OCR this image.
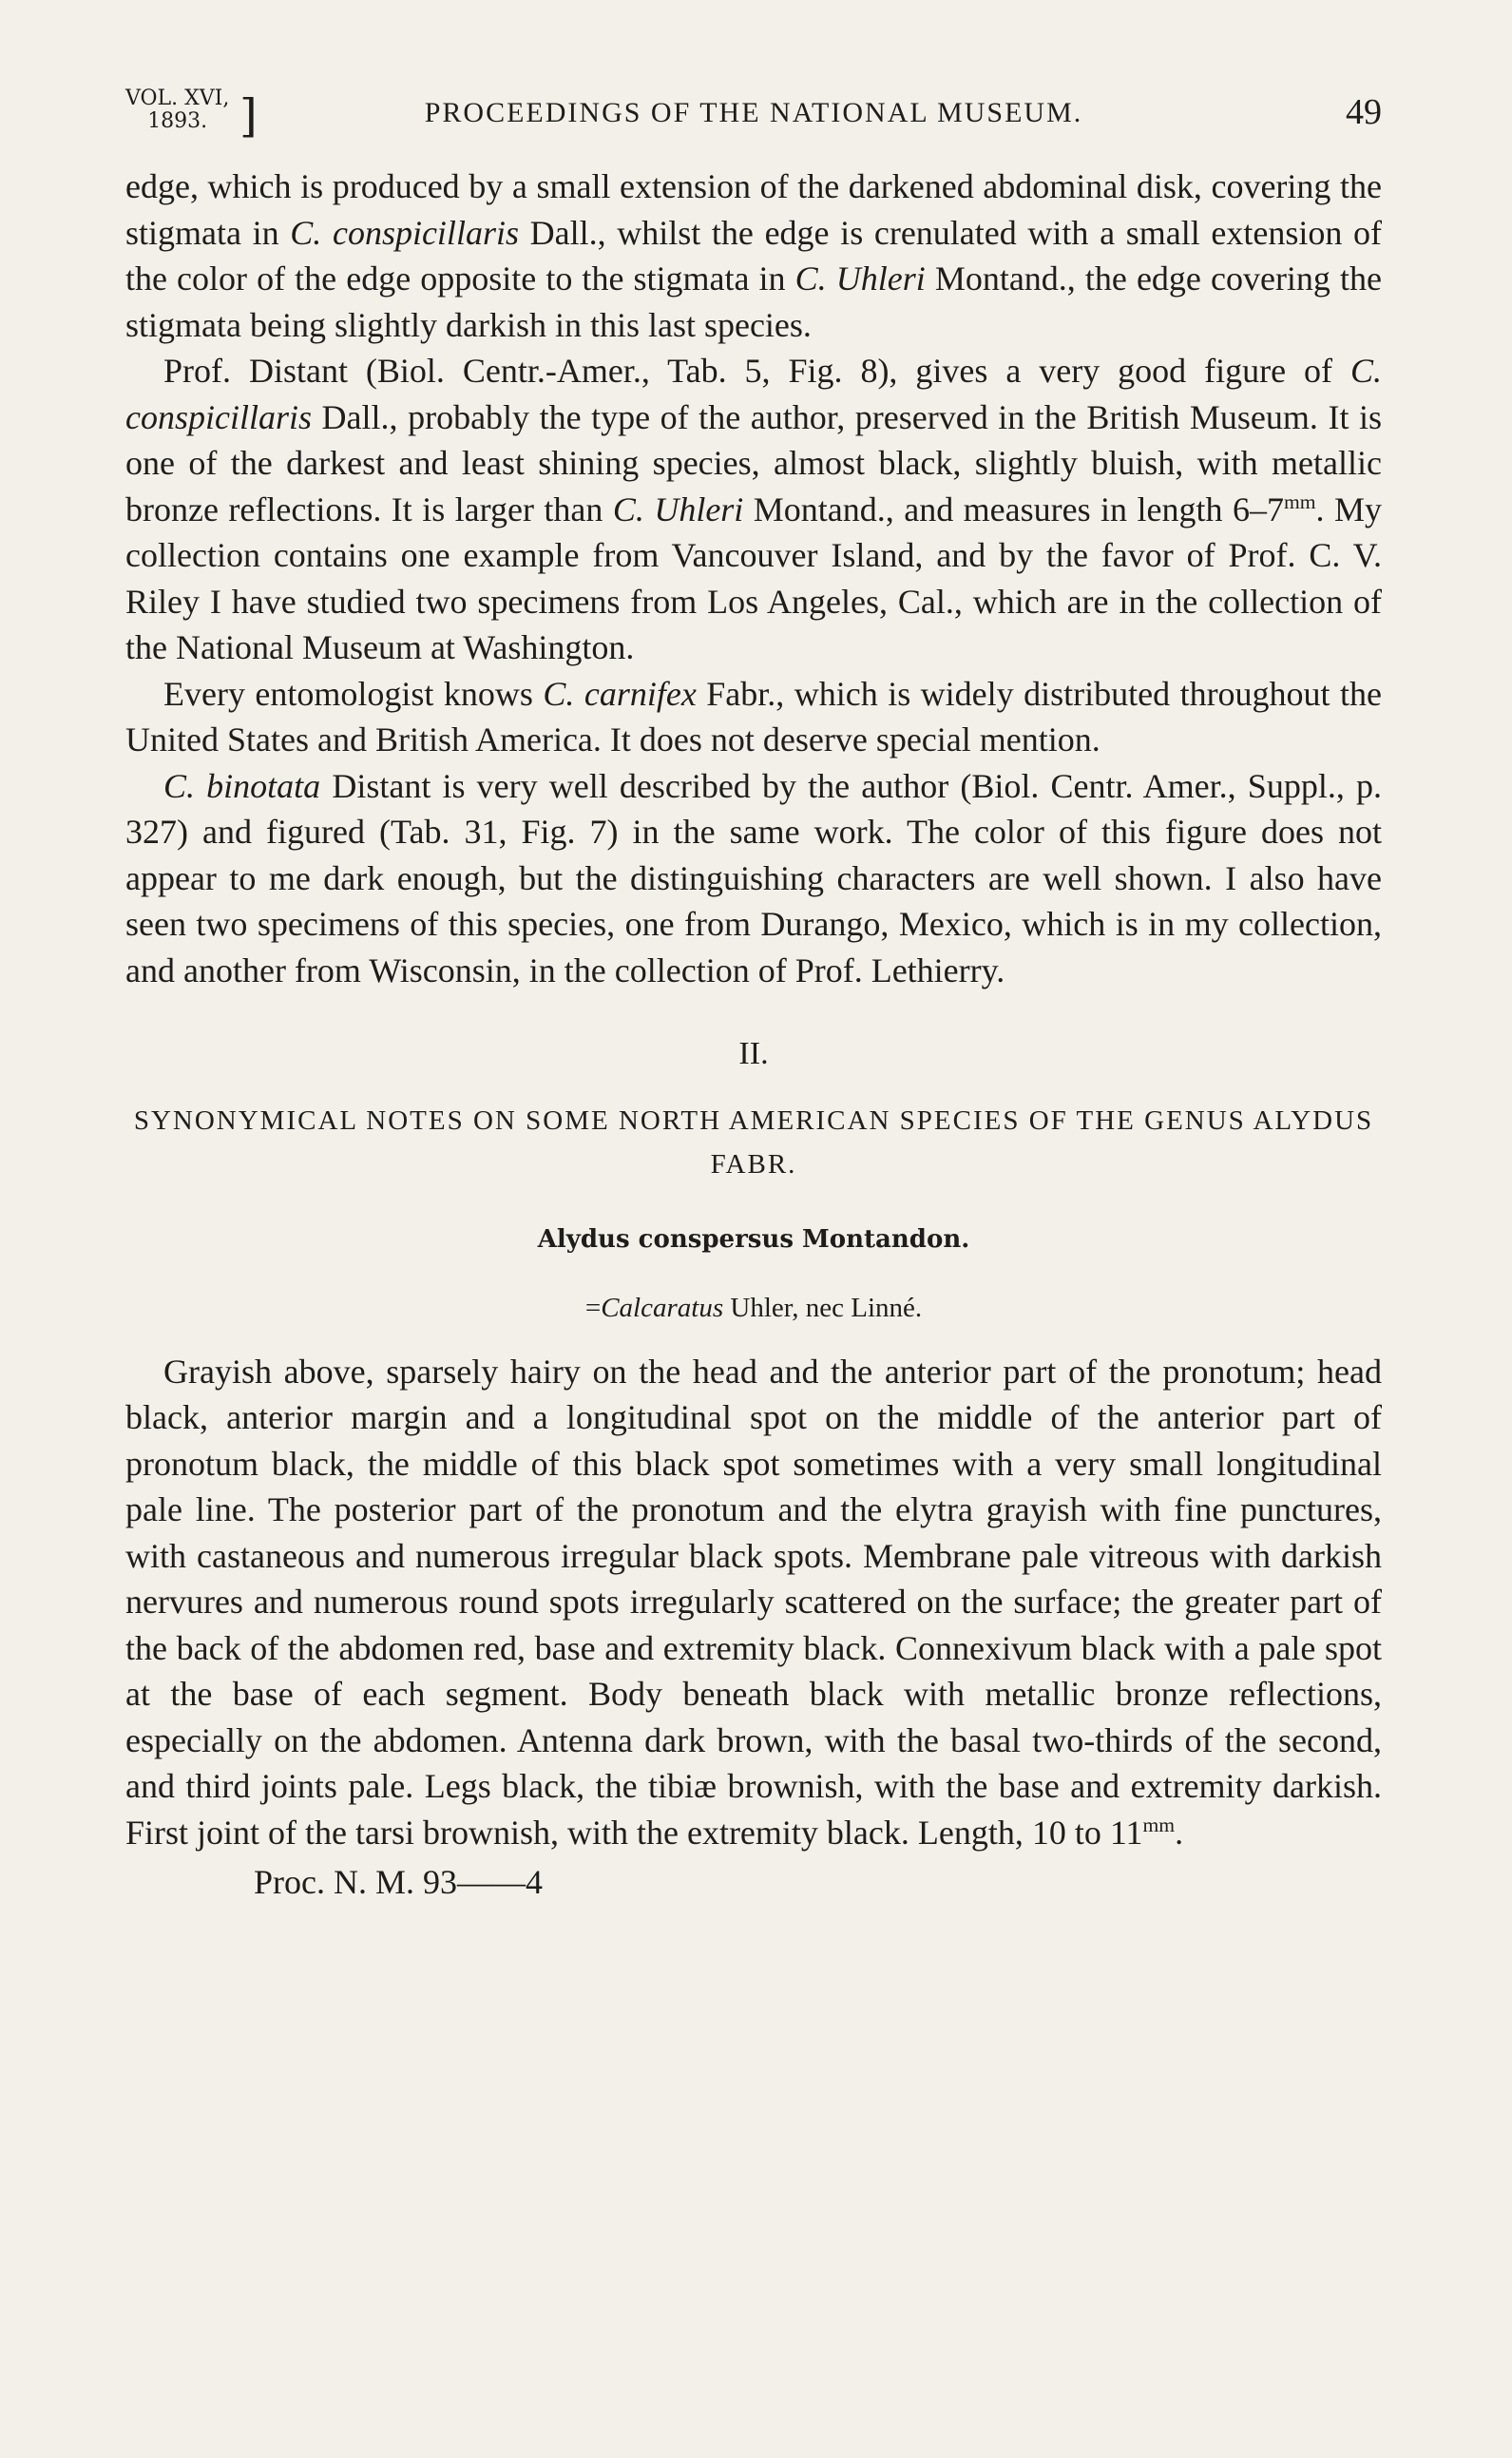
VOL. XVI,
1893. ]	PROCEEDINGS OF THE NATIONAL MUSEUM.	49

edge, which is produced by a small extension of the darkened abdominal disk, covering the stigmata in C. conspicillaris Dall., whilst the edge is crenulated with a small extension of the color of the edge opposite to the stigmata in C. Uhleri Montand., the edge covering the stigmata being slightly darkish in this last species.

Prof. Distant (Biol. Centr.-Amer., Tab. 5, Fig. 8), gives a very good figure of C. conspicillaris Dall., probably the type of the author, preserved in the British Museum. It is one of the darkest and least shining species, almost black, slightly bluish, with metallic bronze reflections. It is larger than C. Uhleri Montand., and measures in length $6-7^{mm}$. My collection contains one example from Vancouver Island, and by the favor of Prof. C. V. Riley I have studied two specimens from Los Angeles, Cal., which are in the collection of the National Museum at Washington.

Every entomologist knows C. carnifex Fabr., which is widely distributed throughout the United States and British America. It does not deserve special mention.

C. binotata Distant is very well described by the author (Biol. Centr. Amer., Suppl., p. 327) and figured (Tab. 31, Fig. 7) in the same work. The color of this figure does not appear to me dark enough, but the distinguishing characters are well shown. I also have seen two specimens of this species, one from Durango, Mexico, which is in my collection, and another from Wisconsin, in the collection of Prof. Lethierry.

II.
SYNONYMICAL NOTES ON SOME NORTH AMERICAN SPECIES OF THE GENUS ALYDUS FABR.
Alydus conspersus Montandon.
=Calcaratus Uhler, nec Linné.

Grayish above, sparsely hairy on the head and the anterior part of the pronotum; head black, anterior margin and a longitudinal spot on the middle of the anterior part of pronotum black, the middle of this black spot sometimes with a very small longitudinal pale line. The posterior part of the pronotum and the elytra grayish with fine punctures, with castaneous and numerous irregular black spots. Membrane pale vitreous with darkish nervures and numerous round spots irregularly scattered on the surface; the greater part of the back of the abdomen red, base and extremity black. Connexivum black with a pale spot at the base of each segment. Body beneath black with metallic bronze reflections, especially on the abdomen. Antenna dark brown, with the basal two-thirds of the second, and third joints pale. Legs black, the tibiæ brownish, with the base and extremity darkish. First joint of the tarsi brownish, with the extremity black. Length, 10 to $11^{mm}$.

Proc. N. M. 93——4
